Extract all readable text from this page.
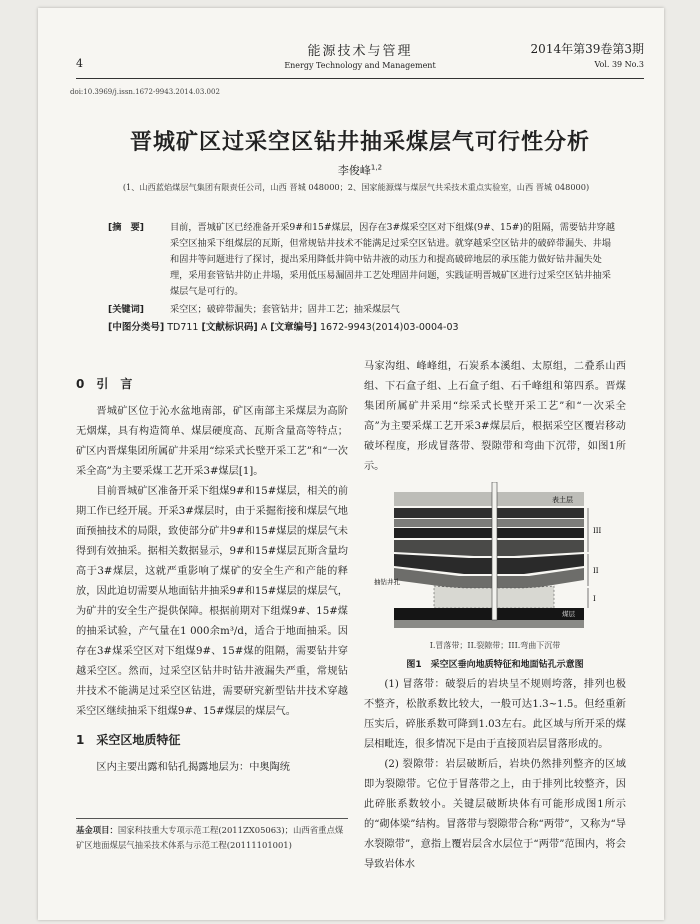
4
能源技术与管理
Energy Technology and Management
2014年第39卷第3期
Vol. 39 No.3
doi:10.3969/j.issn.1672-9943.2014.03.002
晋城矿区过采空区钻井抽采煤层气可行性分析
李俊峰$^{1,2}$
(1、山西蓝焰煤层气集团有限责任公司，山西 晋城 048000；2、国家能源煤与煤层气共采技术重点实验室，山西 晋城 048000)
[摘　要]	目前，晋城矿区已经准备开采9#和15#煤层，因存在3#煤采空区对下组煤(9#、15#)的阻隔，需要钻井穿越采空区抽采下组煤层的瓦斯，但常规钻井技术不能满足过采空区钻进。就穿越采空区钻井的破碎带漏失、井塌和固井等问题进行了探讨，提出采用降低井筒中钻井液的动压力和提高破碎地层的承压能力做好钻井漏失处理，采用套管钻井防止井塌，采用低压易漏固井工艺处理固井问题，实践证明晋城矿区进行过采空区钻井抽采煤层气是可行的。
[关键词]	采空区；破碎带漏失；套管钻井；固井工艺；抽采煤层气
[中图分类号] TD711 [文献标识码] A [文章编号] 1672-9943(2014)03-0004-03
0　引　言

晋城矿区位于沁水盆地南部，矿区南部主采煤层为高阶无烟煤，具有构造简单、煤层硬度高、瓦斯含量高等特点；矿区内晋煤集团所属矿井采用“综采式长壁开采工艺”和“一次采全高”为主要采煤工艺开采3#煤层[1]。

目前晋城矿区准备开采下组煤9#和15#煤层，相关的前期工作已经开展。开采3#煤层时，由于采掘衔接和煤层气地面预抽技术的局限，致使部分矿井9#和15#煤层的煤层气未得到有效抽采。据相关数据显示，9#和15#煤层瓦斯含量均高于3#煤层，这就严重影响了煤矿的安全生产和产能的释放，因此迫切需要从地面钻井抽采9#和15#煤层的煤层气，为矿井的安全生产提供保障。根据前期对下组煤9#、15#煤的抽采试验，产气量在1 000余m³/d，适合于地面抽采。因存在3#煤采空区对下组煤9#、15#煤的阻隔，需要钻井穿越采空区。然而，过采空区钻井时钻井液漏失严重，常规钻井技术不能满足过采空区钻进，需要研究新型钻井技术穿越采空区继续抽采下组煤9#、15#煤层的煤层气。

1　采空区地质特征

区内主要出露和钻孔揭露地层为：中奥陶统

基金项目：国家科技重大专项示范工程(2011ZX05063)；山西省重点煤矿区地面煤层气抽采技术体系与示范工程(20111101001)
III
II
I
表土层
抽钻井孔
煤层
I.冒落带；II.裂隙带；III.弯曲下沉带
图1　采空区垂向地质特征和地面钻孔示意图

马家沟组、峰峰组，石炭系本溪组、太原组，二叠系山西组、下石盒子组、上石盒子组、石千峰组和第四系。晋煤集团所属矿井采用“综采式长壁开采工艺”和“一次采全高”为主要采煤工艺开采3#煤层后，根据采空区覆岩移动破坏程度，形成冒落带、裂隙带和弯曲下沉带，如图1所示。

(1) 冒落带：破裂后的岩块呈不规则垮落，排列也极不整齐，松散系数比较大，一般可达1.3~1.5。但经重新压实后，碎胀系数可降到1.03左右。此区域与所开采的煤层相毗连，很多情况下是由于直接顶岩层冒落形成的。

(2) 裂隙带：岩层破断后，岩块仍然排列整齐的区域即为裂隙带。它位于冒落带之上，由于排列比较整齐，因此碎胀系数较小。关键层破断块体有可能形成图1所示的“砌体梁”结构。冒落带与裂隙带合称“两带”，又称为“导水裂隙带”，意指上覆岩层含水层位于“两带”范围内，将会导致岩体水
